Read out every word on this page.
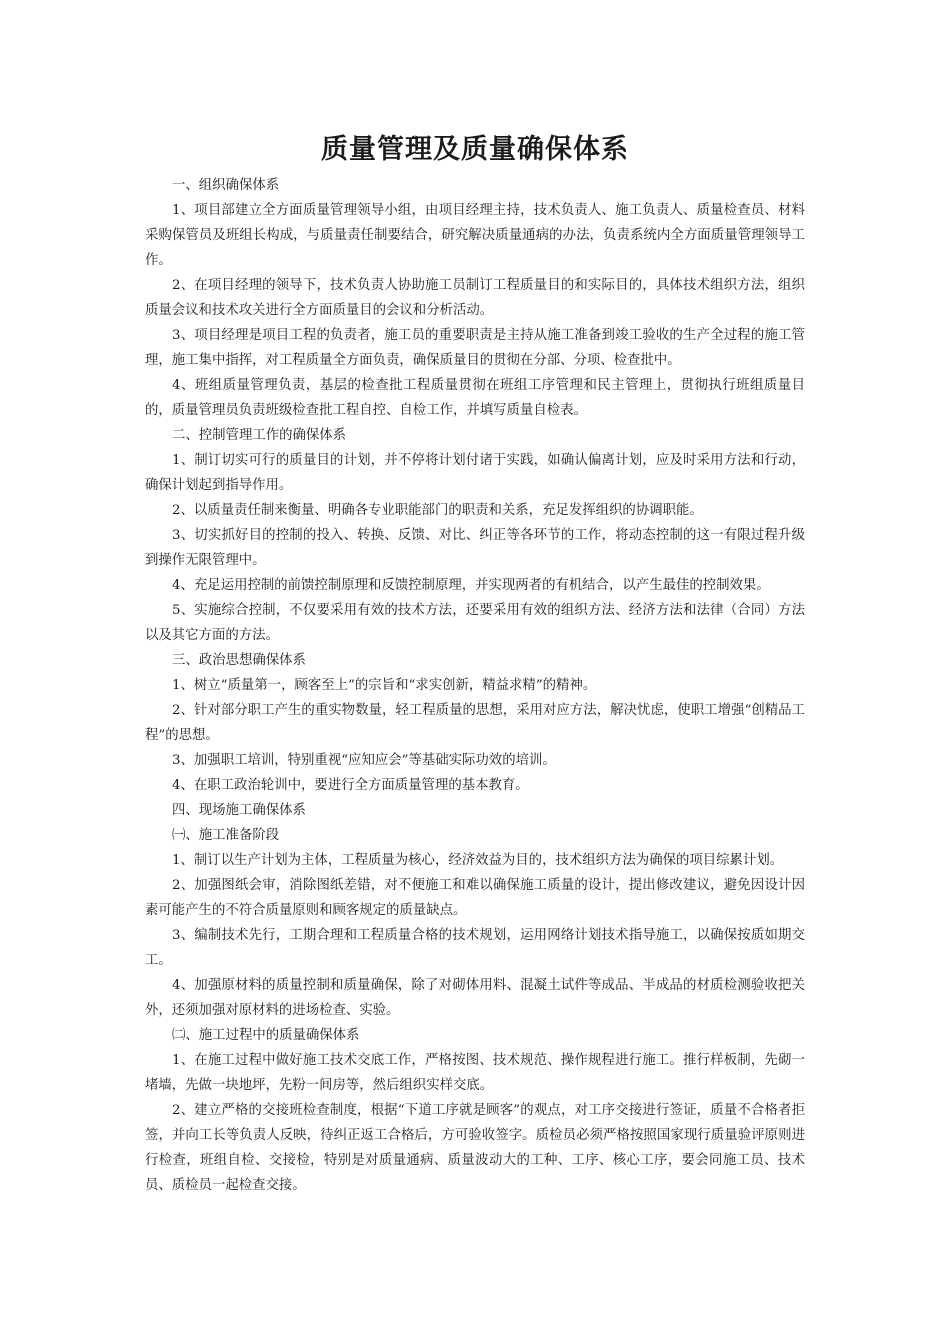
质量管理及质量确保体系

一、组织确保体系

1、项目部建立全方面质量管理领导小组，由项目经理主持，技术负责人、施工负责人、质量检查员、材料采购保管员及班组长构成，与质量责任制要结合，研究解决质量通病的办法，负责系统内全方面质量管理领导工作。

2、在项目经理的领导下，技术负责人协助施工员制订工程质量目的和实际目的，具体技术组织方法，组织质量会议和技术攻关进行全方面质量目的会议和分析活动。

3、项目经理是项目工程的负责者，施工员的重要职责是主持从施工准备到竣工验收的生产全过程的施工管理，施工集中指挥，对工程质量全方面负责，确保质量目的贯彻在分部、分项、检查批中。

4、班组质量管理负责，基层的检查批工程质量贯彻在班组工序管理和民主管理上，贯彻执行班组质量目的，质量管理员负责班级检查批工程自控、自检工作，并填写质量自检表。

二、控制管理工作的确保体系

1、制订切实可行的质量目的计划，并不停将计划付诸于实践，如确认偏离计划，应及时采用方法和行动，确保计划起到指导作用。

2、以质量责任制来衡量、明确各专业职能部门的职责和关系，充足发挥组织的协调职能。

3、切实抓好目的控制的投入、转换、反馈、对比、纠正等各环节的工作，将动态控制的这一有限过程升级到操作无限管理中。

4、充足运用控制的前馈控制原理和反馈控制原理，并实现两者的有机结合，以产生最佳的控制效果。

5、实施综合控制，不仅要采用有效的技术方法，还要采用有效的组织方法、经济方法和法律（合同）方法以及其它方面的方法。

三、政治思想确保体系

1、树立“质量第一，顾客至上”的宗旨和“求实创新，精益求精”的精神。

2、针对部分职工产生的重实物数量，轻工程质量的思想，采用对应方法，解决忧虑，使职工增强“创精品工程”的思想。

3、加强职工培训，特别重视“应知应会”等基础实际功效的培训。

4、在职工政治轮训中，要进行全方面质量管理的基本教育。

四、现场施工确保体系

㈠、施工准备阶段

1、制订以生产计划为主体，工程质量为核心，经济效益为目的，技术组织方法为确保的项目综累计划。

2、加强图纸会审，消除图纸差错，对不便施工和难以确保施工质量的设计，提出修改建议，避免因设计因素可能产生的不符合质量原则和顾客规定的质量缺点。

3、编制技术先行，工期合理和工程质量合格的技术规划，运用网络计划技术指导施工，以确保按质如期交工。

4、加强原材料的质量控制和质量确保，除了对砌体用料、混凝土试件等成品、半成品的材质检测验收把关外，还须加强对原材料的进场检查、实验。

㈡、施工过程中的质量确保体系

1、在施工过程中做好施工技术交底工作，严格按图、技术规范、操作规程进行施工。推行样板制，先砌一堵墙，先做一块地坪，先粉一间房等，然后组织实样交底。

2、建立严格的交接班检查制度，根据“下道工序就是顾客”的观点，对工序交接进行签证，质量不合格者拒签，并向工长等负责人反映，待纠正返工合格后，方可验收签字。质检员必须严格按照国家现行质量验评原则进行检查，班组自检、交接检，特别是对质量通病、质量波动大的工种、工序、核心工序，要会同施工员、技术员、质检员一起检查交接。
